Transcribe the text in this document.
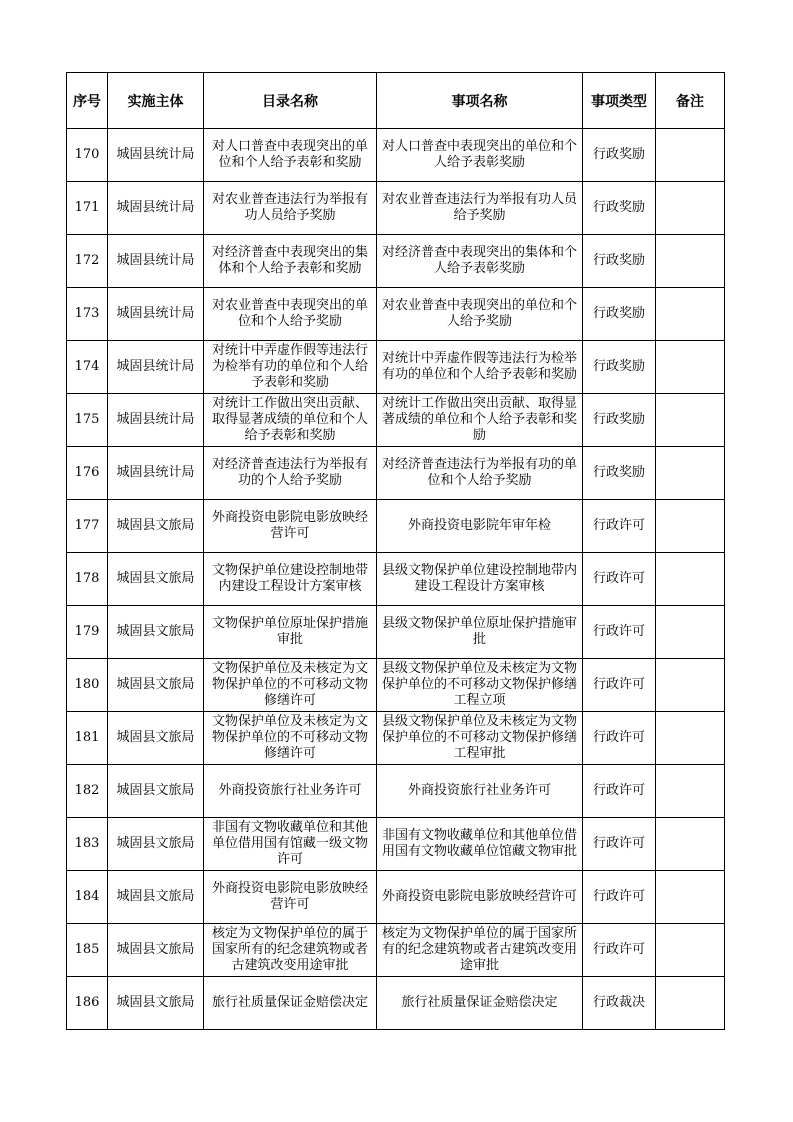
序号	实施主体	目录名称	事项名称	事项类型	备注
170	城固县统计局	对人口普查中表现突出的单位和个人给予表彰和奖励	对人口普查中表现突出的单位和个人给予表彰奖励	行政奖励	
171	城固县统计局	对农业普查违法行为举报有功人员给予奖励	对农业普查违法行为举报有功人员给予奖励	行政奖励	
172	城固县统计局	对经济普查中表现突出的集体和个人给予表彰和奖励	对经济普查中表现突出的集体和个人给予表彰奖励	行政奖励	
173	城固县统计局	对农业普查中表现突出的单位和个人给予奖励	对农业普查中表现突出的单位和个人给予奖励	行政奖励	
174	城固县统计局	对统计中弄虚作假等违法行为检举有功的单位和个人给予表彰和奖励	对统计中弄虚作假等违法行为检举有功的单位和个人给予表彰和奖励	行政奖励	
175	城固县统计局	对统计工作做出突出贡献、取得显著成绩的单位和个人给予表彰和奖励	对统计工作做出突出贡献、取得显著成绩的单位和个人给予表彰和奖励	行政奖励	
176	城固县统计局	对经济普查违法行为举报有功的个人给予奖励	对经济普查违法行为举报有功的单位和个人给予奖励	行政奖励	
177	城固县文旅局	外商投资电影院电影放映经营许可	外商投资电影院年审年检	行政许可	
178	城固县文旅局	文物保护单位建设控制地带内建设工程设计方案审核	县级文物保护单位建设控制地带内建设工程设计方案审核	行政许可	
179	城固县文旅局	文物保护单位原址保护措施审批	县级文物保护单位原址保护措施审批	行政许可	
180	城固县文旅局	文物保护单位及未核定为文物保护单位的不可移动文物修缮许可	县级文物保护单位及未核定为文物保护单位的不可移动文物保护修缮工程立项	行政许可	
181	城固县文旅局	文物保护单位及未核定为文物保护单位的不可移动文物修缮许可	县级文物保护单位及未核定为文物保护单位的不可移动文物保护修缮工程审批	行政许可	
182	城固县文旅局	外商投资旅行社业务许可	外商投资旅行社业务许可	行政许可	
183	城固县文旅局	非国有文物收藏单位和其他单位借用国有馆藏一级文物许可	非国有文物收藏单位和其他单位借用国有文物收藏单位馆藏文物审批	行政许可	
184	城固县文旅局	外商投资电影院电影放映经营许可	外商投资电影院电影放映经营许可	行政许可	
185	城固县文旅局	核定为文物保护单位的属于国家所有的纪念建筑物或者古建筑改变用途审批	核定为文物保护单位的属于国家所有的纪念建筑物或者古建筑改变用途审批	行政许可	
186	城固县文旅局	旅行社质量保证金赔偿决定	旅行社质量保证金赔偿决定	行政裁决	
